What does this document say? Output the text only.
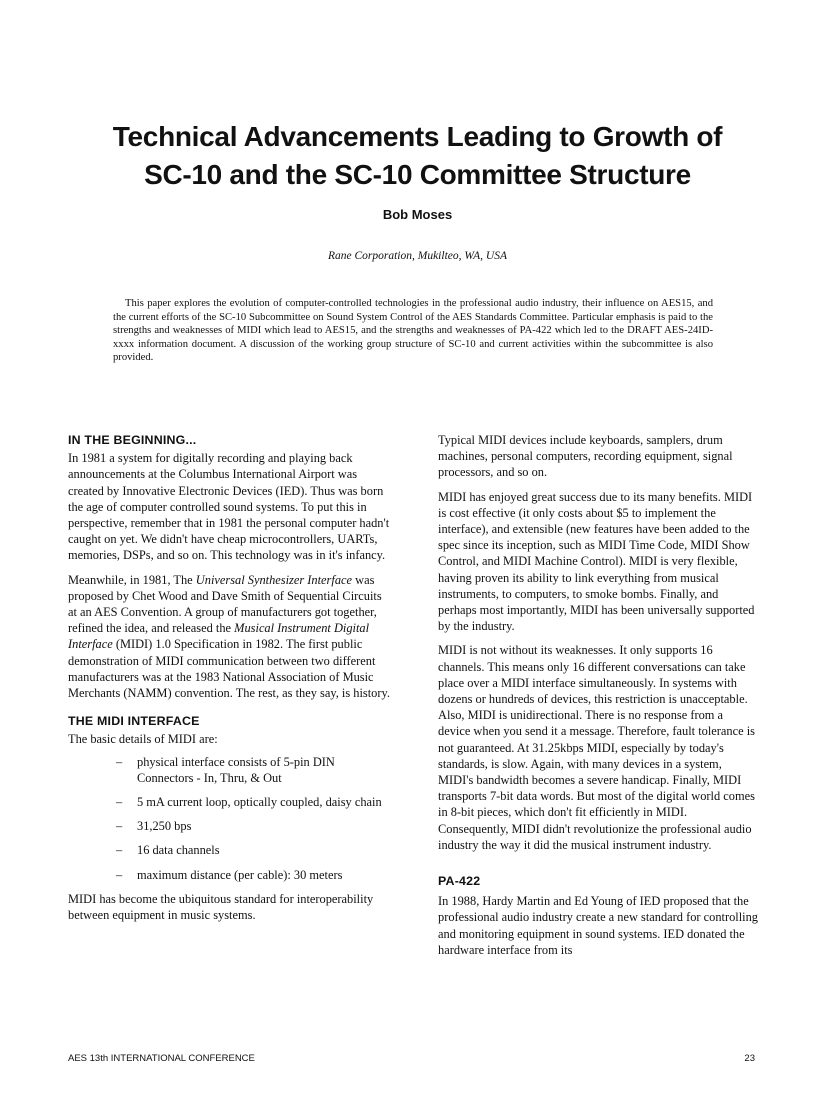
Technical Advancements Leading to Growth of
SC-10 and the SC-10 Committee Structure
Bob Moses
Rane Corporation, Mukilteo, WA, USA

This paper explores the evolution of computer-controlled technologies in the professional audio industry, their influence on AES15, and the current efforts of the SC-10 Subcommittee on Sound System Control of the AES Standards Committee. Particular emphasis is paid to the strengths and weaknesses of MIDI which lead to AES15, and the strengths and weaknesses of PA-422 which led to the DRAFT AES-24ID-xxxx information document. A discussion of the working group structure of SC-10 and current activities within the subcommittee is also provided.

IN THE BEGINNING...

In 1981 a system for digitally recording and playing back announcements at the Columbus International Airport was created by Innovative Electronic Devices (IED). Thus was born the age of computer controlled sound systems. To put this in perspective, remember that in 1981 the personal computer hadn't caught on yet. We didn't have cheap microcontrollers, UARTs, memories, DSPs, and so on. This technology was in it's infancy.

Meanwhile, in 1981, The Universal Synthesizer Interface was proposed by Chet Wood and Dave Smith of Sequential Circuits at an AES Convention. A group of manufacturers got together, refined the idea, and released the Musical Instrument Digital Interface (MIDI) 1.0 Specification in 1982. The first public demonstration of MIDI communication between two different manufacturers was at the 1983 National Association of Music Merchants (NAMM) convention. The rest, as they say, is history.

THE MIDI INTERFACE

The basic details of MIDI are:

– physical interface consists of 5-pin DIN Connectors - In, Thru, & Out
– 5 mA current loop, optically coupled, daisy chain
– 31,250 bps
– 16 data channels
– maximum distance (per cable): 30 meters

MIDI has become the ubiquitous standard for interoperability between equipment in music systems.

Typical MIDI devices include keyboards, samplers, drum machines, personal computers, recording equipment, signal processors, and so on.

MIDI has enjoyed great success due to its many benefits. MIDI is cost effective (it only costs about $5 to implement the interface), and extensible (new features have been added to the spec since its inception, such as MIDI Time Code, MIDI Show Control, and MIDI Machine Control). MIDI is very flexible, having proven its ability to link everything from musical instruments, to computers, to smoke bombs. Finally, and perhaps most importantly, MIDI has been universally supported by the industry.

MIDI is not without its weaknesses. It only supports 16 channels. This means only 16 different conversations can take place over a MIDI interface simultaneously. In systems with dozens or hundreds of devices, this restriction is unacceptable. Also, MIDI is unidirectional. There is no response from a device when you send it a message. Therefore, fault tolerance is not guaranteed. At 31.25kbps MIDI, especially by today's standards, is slow. Again, with many devices in a system, MIDI's bandwidth becomes a severe handicap. Finally, MIDI transports 7-bit data words. But most of the digital world comes in 8-bit pieces, which don't fit efficiently in MIDI. Consequently, MIDI didn't revolutionize the professional audio industry the way it did the musical instrument industry.

PA-422

In 1988, Hardy Martin and Ed Young of IED proposed that the professional audio industry create a new standard for controlling and monitoring equipment in sound systems. IED donated the hardware interface from its

AES 13th INTERNATIONAL CONFERENCE	23
